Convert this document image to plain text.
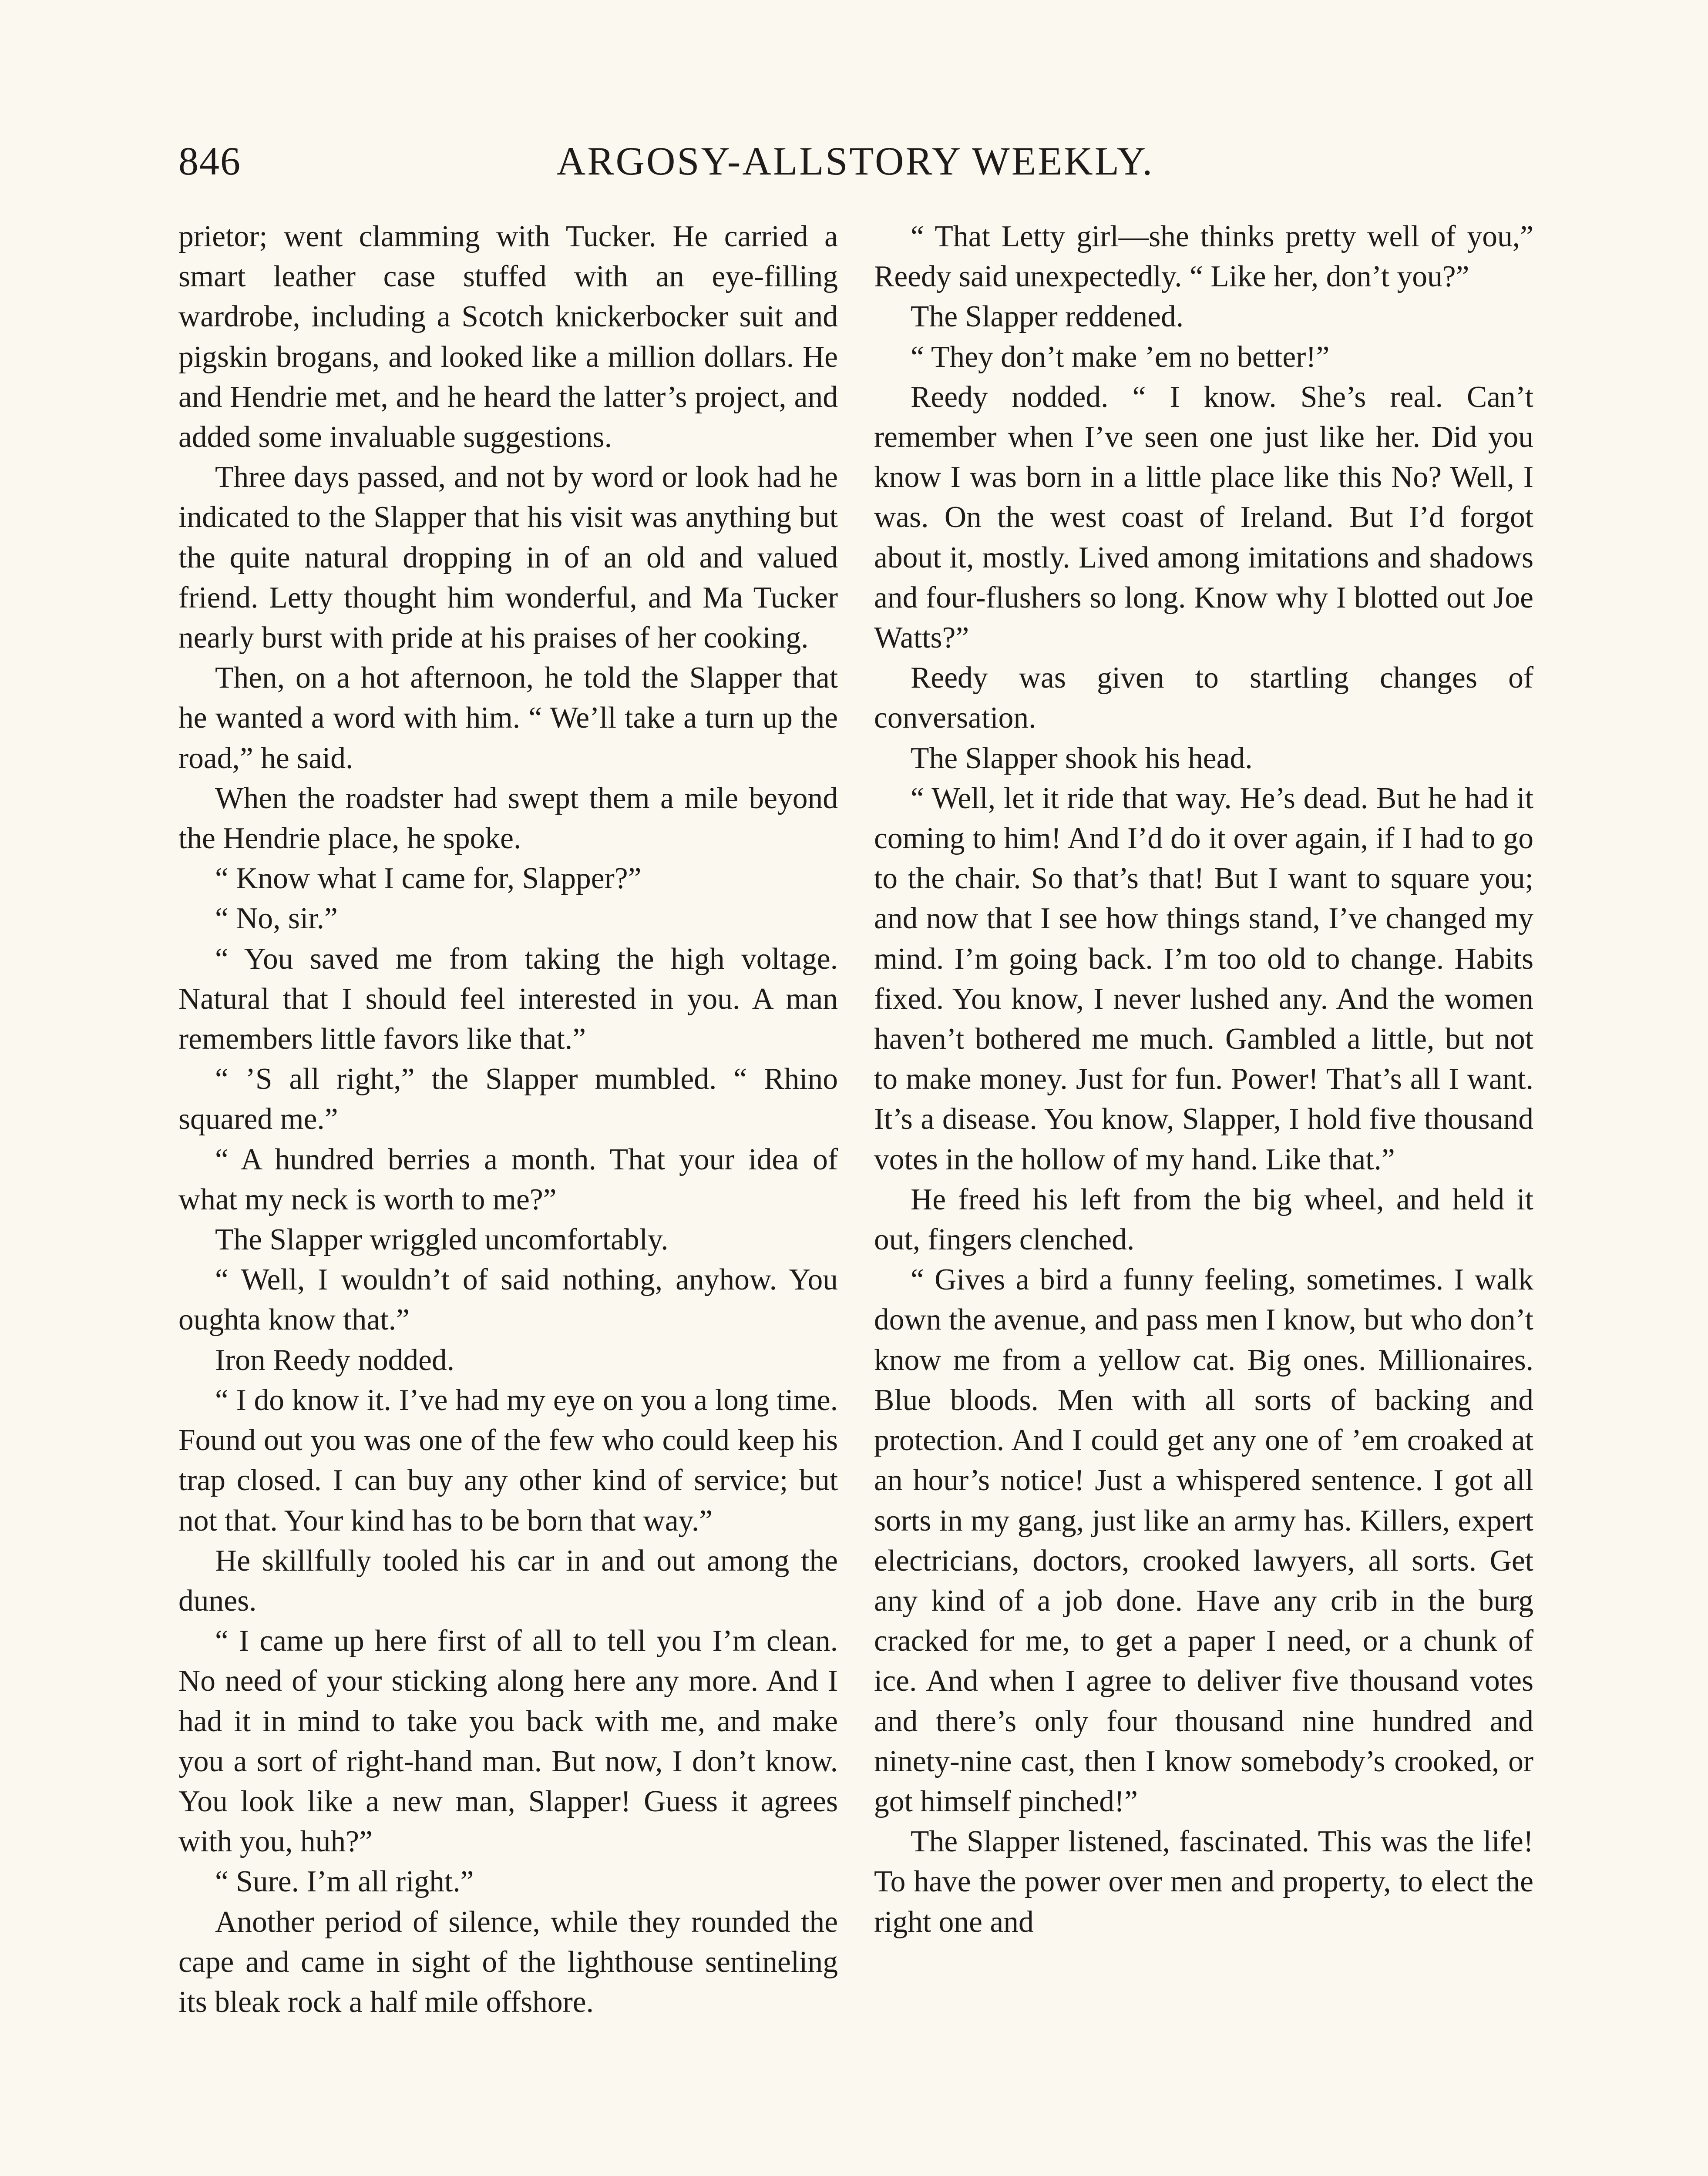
846	ARGOSY-ALLSTORY WEEKLY.

prietor; went clamming with Tucker. He carried a smart leather case stuffed with an eye-filling wardrobe, including a Scotch knickerbocker suit and pigskin brogans, and looked like a million dollars. He and Hendrie met, and he heard the latter’s project, and added some invaluable suggestions.

Three days passed, and not by word or look had he indicated to the Slapper that his visit was anything but the quite natural dropping in of an old and valued friend. Letty thought him wonderful, and Ma Tucker nearly burst with pride at his praises of her cooking.

Then, on a hot afternoon, he told the Slapper that he wanted a word with him. “ We’ll take a turn up the road,” he said.

When the roadster had swept them a mile beyond the Hendrie place, he spoke.

“ Know what I came for, Slapper?”

“ No, sir.”

“ You saved me from taking the high voltage. Natural that I should feel interested in you. A man remembers little favors like that.”

“ ’S all right,” the Slapper mumbled. “ Rhino squared me.”

“ A hundred berries a month. That your idea of what my neck is worth to me?”

The Slapper wriggled uncomfortably.

“ Well, I wouldn’t of said nothing, anyhow. You oughta know that.”

Iron Reedy nodded.

“ I do know it. I’ve had my eye on you a long time. Found out you was one of the few who could keep his trap closed. I can buy any other kind of service; but not that. Your kind has to be born that way.”

He skillfully tooled his car in and out among the dunes.

“ I came up here first of all to tell you I’m clean. No need of your sticking along here any more. And I had it in mind to take you back with me, and make you a sort of right-hand man. But now, I don’t know. You look like a new man, Slapper! Guess it agrees with you, huh?”

“ Sure. I’m all right.”

Another period of silence, while they rounded the cape and came in sight of the lighthouse sentineling its bleak rock a half mile offshore.

“ That Letty girl—she thinks pretty well of you,” Reedy said unexpectedly. “ Like her, don’t you?”

The Slapper reddened.

“ They don’t make ’em no better!”

Reedy nodded. “ I know. She’s real. Can’t remember when I’ve seen one just like her. Did you know I was born in a little place like this No? Well, I was. On the west coast of Ireland. But I’d forgot about it, mostly. Lived among imitations and shadows and four-flushers so long. Know why I blotted out Joe Watts?”

Reedy was given to startling changes of conversation.

The Slapper shook his head.

“ Well, let it ride that way. He’s dead. But he had it coming to him! And I’d do it over again, if I had to go to the chair. So that’s that! But I want to square you; and now that I see how things stand, I’ve changed my mind. I’m going back. I’m too old to change. Habits fixed. You know, I never lushed any. And the women haven’t bothered me much. Gambled a little, but not to make money. Just for fun. Power! That’s all I want. It’s a disease. You know, Slapper, I hold five thousand votes in the hollow of my hand. Like that.”

He freed his left from the big wheel, and held it out, fingers clenched.

“ Gives a bird a funny feeling, sometimes. I walk down the avenue, and pass men I know, but who don’t know me from a yellow cat. Big ones. Millionaires. Blue bloods. Men with all sorts of backing and protection. And I could get any one of ’em croaked at an hour’s notice! Just a whispered sentence. I got all sorts in my gang, just like an army has. Killers, expert electricians, doctors, crooked lawyers, all sorts. Get any kind of a job done. Have any crib in the burg cracked for me, to get a paper I need, or a chunk of ice. And when I agree to deliver five thousand votes and there’s only four thousand nine hundred and ninety-nine cast, then I know somebody’s crooked, or got himself pinched!”

The Slapper listened, fascinated. This was the life! To have the power over men and property, to elect the right one and
